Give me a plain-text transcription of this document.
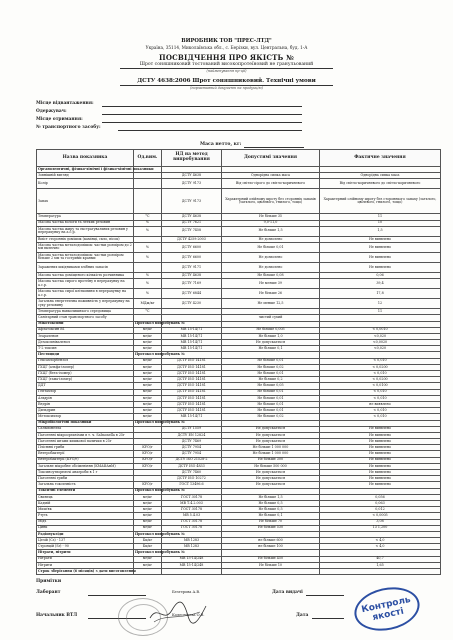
ВИРОБНИК ТОВ "ПРЕС-ЛТД"
Україна, 35114, Миколаївська обл., с. Берізки, вул. Центральна, буд. 1-А
ПОСВІДЧЕННЯ ПРО ЯКІСТЬ №
Шрот соняшниковий тостований високопротеїновий не гранульований
(найменування пр-ції)
ДСТУ 4638:2006 Шрот соняшниковий. Технічні умови
(нормативний документ на продукцію)
Місце відвантаження:
Одержувач:
Місце отримання:
№ транспортного засобу:
Маса нетто, кг:
Назва показника	Од.вим.	НД на метод випробування	Допустимі значення	Фактичне значення
Органолептичні, фізико-хімічні і фізико-хімічні показники				
Зовнішній вигляд		ДСТУ 4638	Однорідна сипка маса	Однорідна сипка маса
Колір		ДСТУ 9173	Від світло-сірого до світло-коричневого	Від світло-коричневого до світло-коричневого
Запах		ДСТУ 9173	Характерний олійному шроту без сторонніх запахів (затхлого, цвілевого, гнилого, тощо)	Характерний олійному шроту без стороннього запаху (затхлого, цвілевого, гнилого, тощо)
Температура	°С	ДСТУ 4638	Не більше 35	11
Масова частка вологи та летких речовин	%	ДСТУ 7621	9,0-11,0	10
Масова частка жиру та екстрагувальних речовин у перерахунку на а.с.р.	%	ДСТУ 7458	Не більше 1,5	1,5
Вміст сторонніх домішок (камінці, скло, пісок)		ДСТУ 4259:2003	Не дозволено	Не виявлено
Масова частка металодомішок: частки розміром до 2 мм включно	%	ДСТУ 6600	Не більше 0,01	Не виявлено
Масова частка металодомішок: частки розміром більше 2 мм та гострими краями	%	ДСТУ 6600	Не дозволено	Не виявлено
Заражених шкідниками хлібних запасів		ДСТУ 9171	Не дозволено	Не виявлено
Масова частка доміщеного кількість розчинника	%	ДСТУ 4638	Не більше 0,08	0,06
Масова частка сирого протеїну в перерахунку на а.с.р.	%	ДСТУ 7169	Не менше 39	39,4
Масова частка сирої клітковини в перерахунку на а.с.р.	%	ДСТУ 6844	Не більше 26	17,8
Загальна енергетична поживність у перерахунку на суху речовину	МДж/кг	ДСТУ 4230	Не менше 12,5	12
Температура навколишнього середовища	°С			11
Санітарний стан транспортного засобу			чистий сухий	
Мікотоксини	Протокол випробувань №			
Афлатоксин В1	мг/кг	МВ 15-14/71	Не більше 0,005	< 0,0010
Зеараленон	мг/кг	МВ 15-14/71	Не більше 1,0	<0,020
Дезоксиніваленол	мг/кг	МВ 15-14/71	Не допускається	<0,0020
Т-2 токсин	мг/кг	МВ 15-14/71	Не більше 0,1	<0,020
Пестициди	Протокол випробувань №			
Гексахлорбензол	мг/кг	ДСТУ ISO 14181	Не більше 0,01	< 0,010
ГХЦГ (альфа-ізомер)	мг/кг	ДСТУ ISO 14181	Не більше 0,02	< 0,0200
ГХЦГ (бета-ізомер)	мг/кг	ДСТУ ISO 14181	Не більше 0,01	< 0,010
ГХЦГ (гама-ізомер)	мг/кг	ДСТУ ISO 14181	Не більше 0,2	< 0,0200
ДДТ	мг/кг	ДСТУ ISO 14181	Не більше 0,05	< 0,0100
Гептахлор	мг/кг	ДСТУ ISO 14181	Не більше 0,01	< 0,010
Альдрін	мг/кг	ДСТУ ISO 14181	Не більше 0,01	< 0,010
Ендрін	мг/кг	ДСТУ ISO 14181	Не більше 0,01	не виявлено
Дильдрин	мг/кг	ДСТУ ISO 14181	Не більше 0,01	< 0,010
Метоксихлор	мг/кг	МВ 15-14/71	Не більше 0,02	< 0,010
Мікробіологічні показники	Протокол випробувань №			
Сальмонелла		ДСТУ 1559	Не допускається	Не виявлено
Патогенні мікроорганізми в т. ч. Salmonella в 25г		ДСТУ EN 12824	Не допускається	Не виявлено
Патогенні штами кишкової палички в 25г		ДСТУ 7469	Не допускається	Не виявлено
Плісняві гриби	КУО/г	ДСТУ 7954	Не більше 1 000 000	Не виявлено
Ентеробактерії	КУО/г	ДСТУ 7954	Не більше 1 000 000	Не виявлено
Ентеробактерії (КУО/г)	КУО/г	ДСТУ ISO 21528-2	Не більше 300	Не виявлено
Загальне мікробне обсіменіння (КМАФАнМ)	КУО/г	ДСТУ ISO 4833	Не більше 500 000	Не виявлено
Токсиноутворюючі анаероби в 1 г		ДСТУ 7460	Не допускається	Не виявлено
Патогенні гриби		ДСТУ ISO 10272	Не допускається	Не виявлено
Загальна токсичність	КУО/г	ГОСТ 13496.6	Не допускається	Не виявлено
Токсичні елементи	Протокол випробувань №			
Свинець	мг/кг	ГОСТ 30178	Не більше 1,5	0,056
Кадмій	мг/кг	МВ Т.4.2.003	Не більше 0,5	0,063
Миш'як	мг/кг	ГОСТ 30178	Не більше 0,5	0,012
Ртуть	мг/кг	МВ 5.4.03	Не більше 0,1	< 0,0005
Мідь	мг/кг	ГОСТ 30178	Не більше 70	3,08
Цинк	мг/кг	ГОСТ 30178	Не більше 530	13 1,200
Радіонукліди	Протокол випробувань №			
Цезій (Cs) - 137	Бк/кг	МВ 1283	не більше 600	< 4,0
Стронцій (Sr) - 90	Бк/кг	МВ 1283	не більше 100	< 4,0
Нітрати, нітрити	Протокол випробувань №			
Нітрати	мг/кг	МВ 15-14/248	Не більше 450	40,7
Нітрити	мг/кг	МВ 15-14/248	Не більше 10	1,65
Строк зберігання (6 місяців) з дати виготовлення				
Примітки
Лаборант	Безгерова А.В.
Начальник ВТЛ	Колеснікова О.В.
Дата видачі
Дата
Контроль якості
